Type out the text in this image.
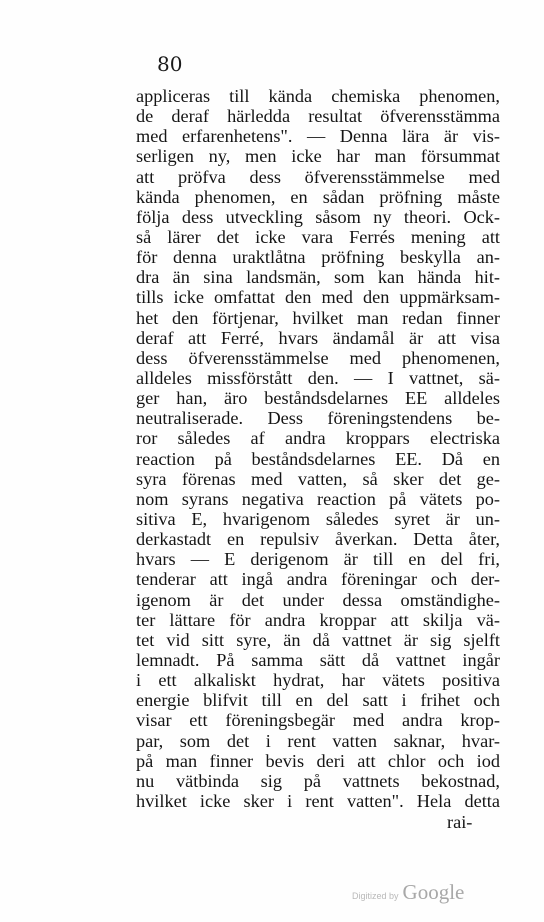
80
appliceras till kända chemiska phenomen,
de deraf härledda resultat öfverensstämma
med erfarenhetens". — Denna lära är vis-
serligen ny, men icke har man försummat
att pröfva dess öfverensstämmelse med
kända phenomen, en sådan pröfning måste
följa dess utveckling såsom ny theori. Ock-
så lärer det icke vara Ferrés mening att
för denna uraktlåtna pröfning beskylla an-
dra än sina landsmän, som kan hända hit-
tills icke omfattat den med den uppmärksam-
het den förtjenar, hvilket man redan finner
deraf att Ferré, hvars ändamål är att visa
dess öfverensstämmelse med phenomenen,
alldeles missförstått den. — I vattnet, sä-
ger han, äro beståndsdelarnes EE alldeles
neutraliserade. Dess föreningstendens be-
ror således af andra kroppars electriska
reaction på beståndsdelarnes EE. Då en
syra förenas med vatten, så sker det ge-
nom syrans negativa reaction på vätets po-
sitiva E, hvarigenom således syret är un-
derkastadt en repulsiv åverkan. Detta åter,
hvars — E derigenom är till en del fri,
tenderar att ingå andra föreningar och der-
igenom är det under dessa omständighe-
ter lättare för andra kroppar att skilja vä-
tet vid sitt syre, än då vattnet är sig sjelft
lemnadt. På samma sätt då vattnet ingår
i ett alkaliskt hydrat, har vätets positiva
energie blifvit till en del satt i frihet och
visar ett föreningsbegär med andra krop-
par, som det i rent vatten saknar, hvar-
på man finner bevis deri att chlor och iod
nu vätbinda sig på vattnets bekostnad,
hvilket icke sker i rent vatten". Hela detta
rai-
Digitized by Google
